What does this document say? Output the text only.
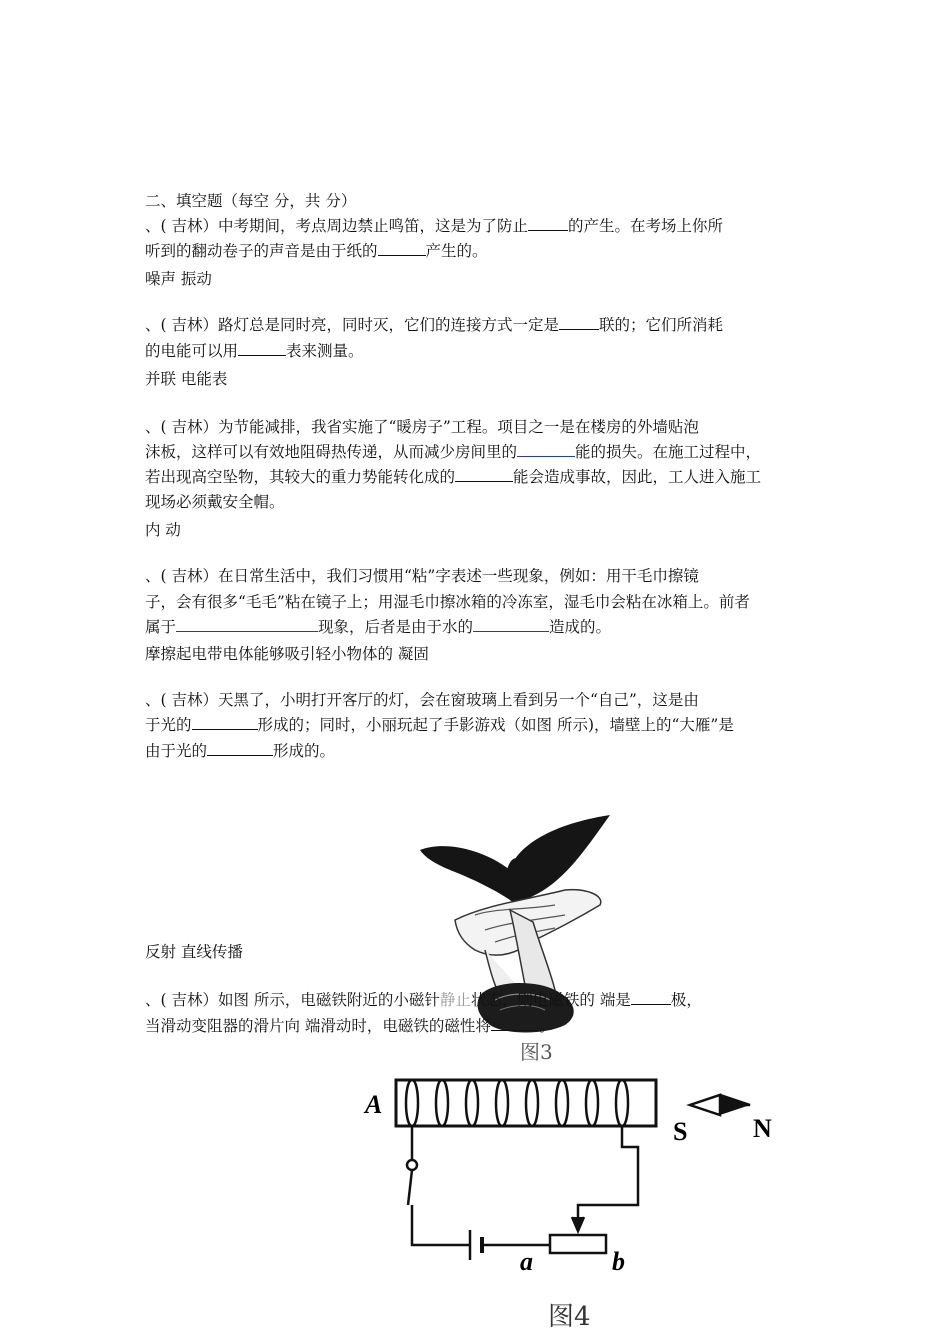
二、填空题（每空 分，共 分）
、( 吉林）中考期间，考点周边禁止鸣笛，这是为了防止	的产生。在考场上你所
听到的翻动卷子的声音是由于纸的	产生的。
噪声 振动
、( 吉林）路灯总是同时亮，同时灭，它们的连接方式一定是	联的；它们所消耗
的电能可以用	表来测量。
并联 电能表
、( 吉林）为节能减排，我省实施了“暖房子”工程。项目之一是在楼房的外墙贴泡
沫板，这样可以有效地阻碍热传递，从而减少房间里的	能的损失。在施工过程中，
若出现高空坠物，其较大的重力势能转化成的	能会造成事故，因此，工人进入施工
现场必须戴安全帽。
内 动
、( 吉林）在日常生活中，我们习惯用“粘”字表述一些现象，例如：用干毛巾擦镜
子，会有很多“毛毛”粘在镜子上；用湿毛巾擦冰箱的冷冻室，湿毛巾会粘在冰箱上。前者
属于	现象，后者是由于水的	造成的。
摩擦起电带电体能够吸引轻小物体的 凝固
、( 吉林）天黑了，小明打开客厅的灯，会在窗玻璃上看到另一个“自己”，这是由
于光的	形成的；同时，小丽玩起了手影游戏（如图 所示)，墙壁上的“大雁”是
由于光的	形成的。
反射 直线传播
、( 吉林）如图 所示，电磁铁附近的小磁针静止状态，则电磁铁的 端是	极，
当滑动变阻器的滑片向 端滑动时，电磁铁的磁性将	。
图3
A
S	N
a	b
图4
